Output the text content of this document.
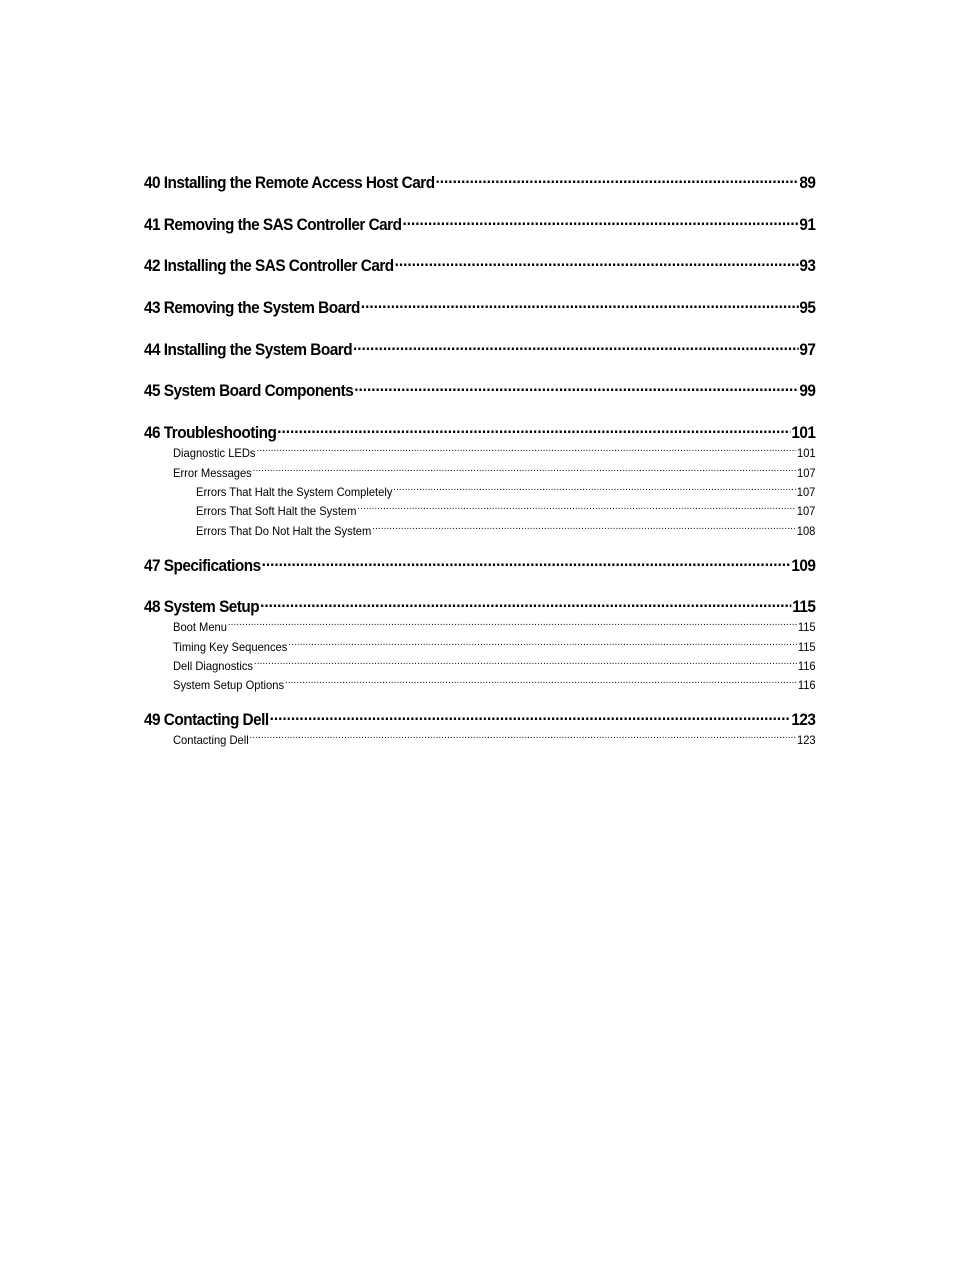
40 Installing the Remote Access Host Card .....	89
41 Removing the SAS Controller Card .....	91
42 Installing the SAS Controller Card .....	93
43 Removing the System Board .....	95
44 Installing the System Board .....	97
45 System Board Components .....	99
46 Troubleshooting .....	101
Diagnostic LEDs .....	101
Error Messages .....	107
Errors That Halt the System Completely .....	107
Errors That Soft Halt the System .....	107
Errors That Do Not Halt the System .....	108
47 Specifications .....	109
48 System Setup .....	115
Boot Menu .....	115
Timing Key Sequences .....	115
Dell Diagnostics .....	116
System Setup Options .....	116
49 Contacting Dell .....	123
Contacting Dell .....	123
